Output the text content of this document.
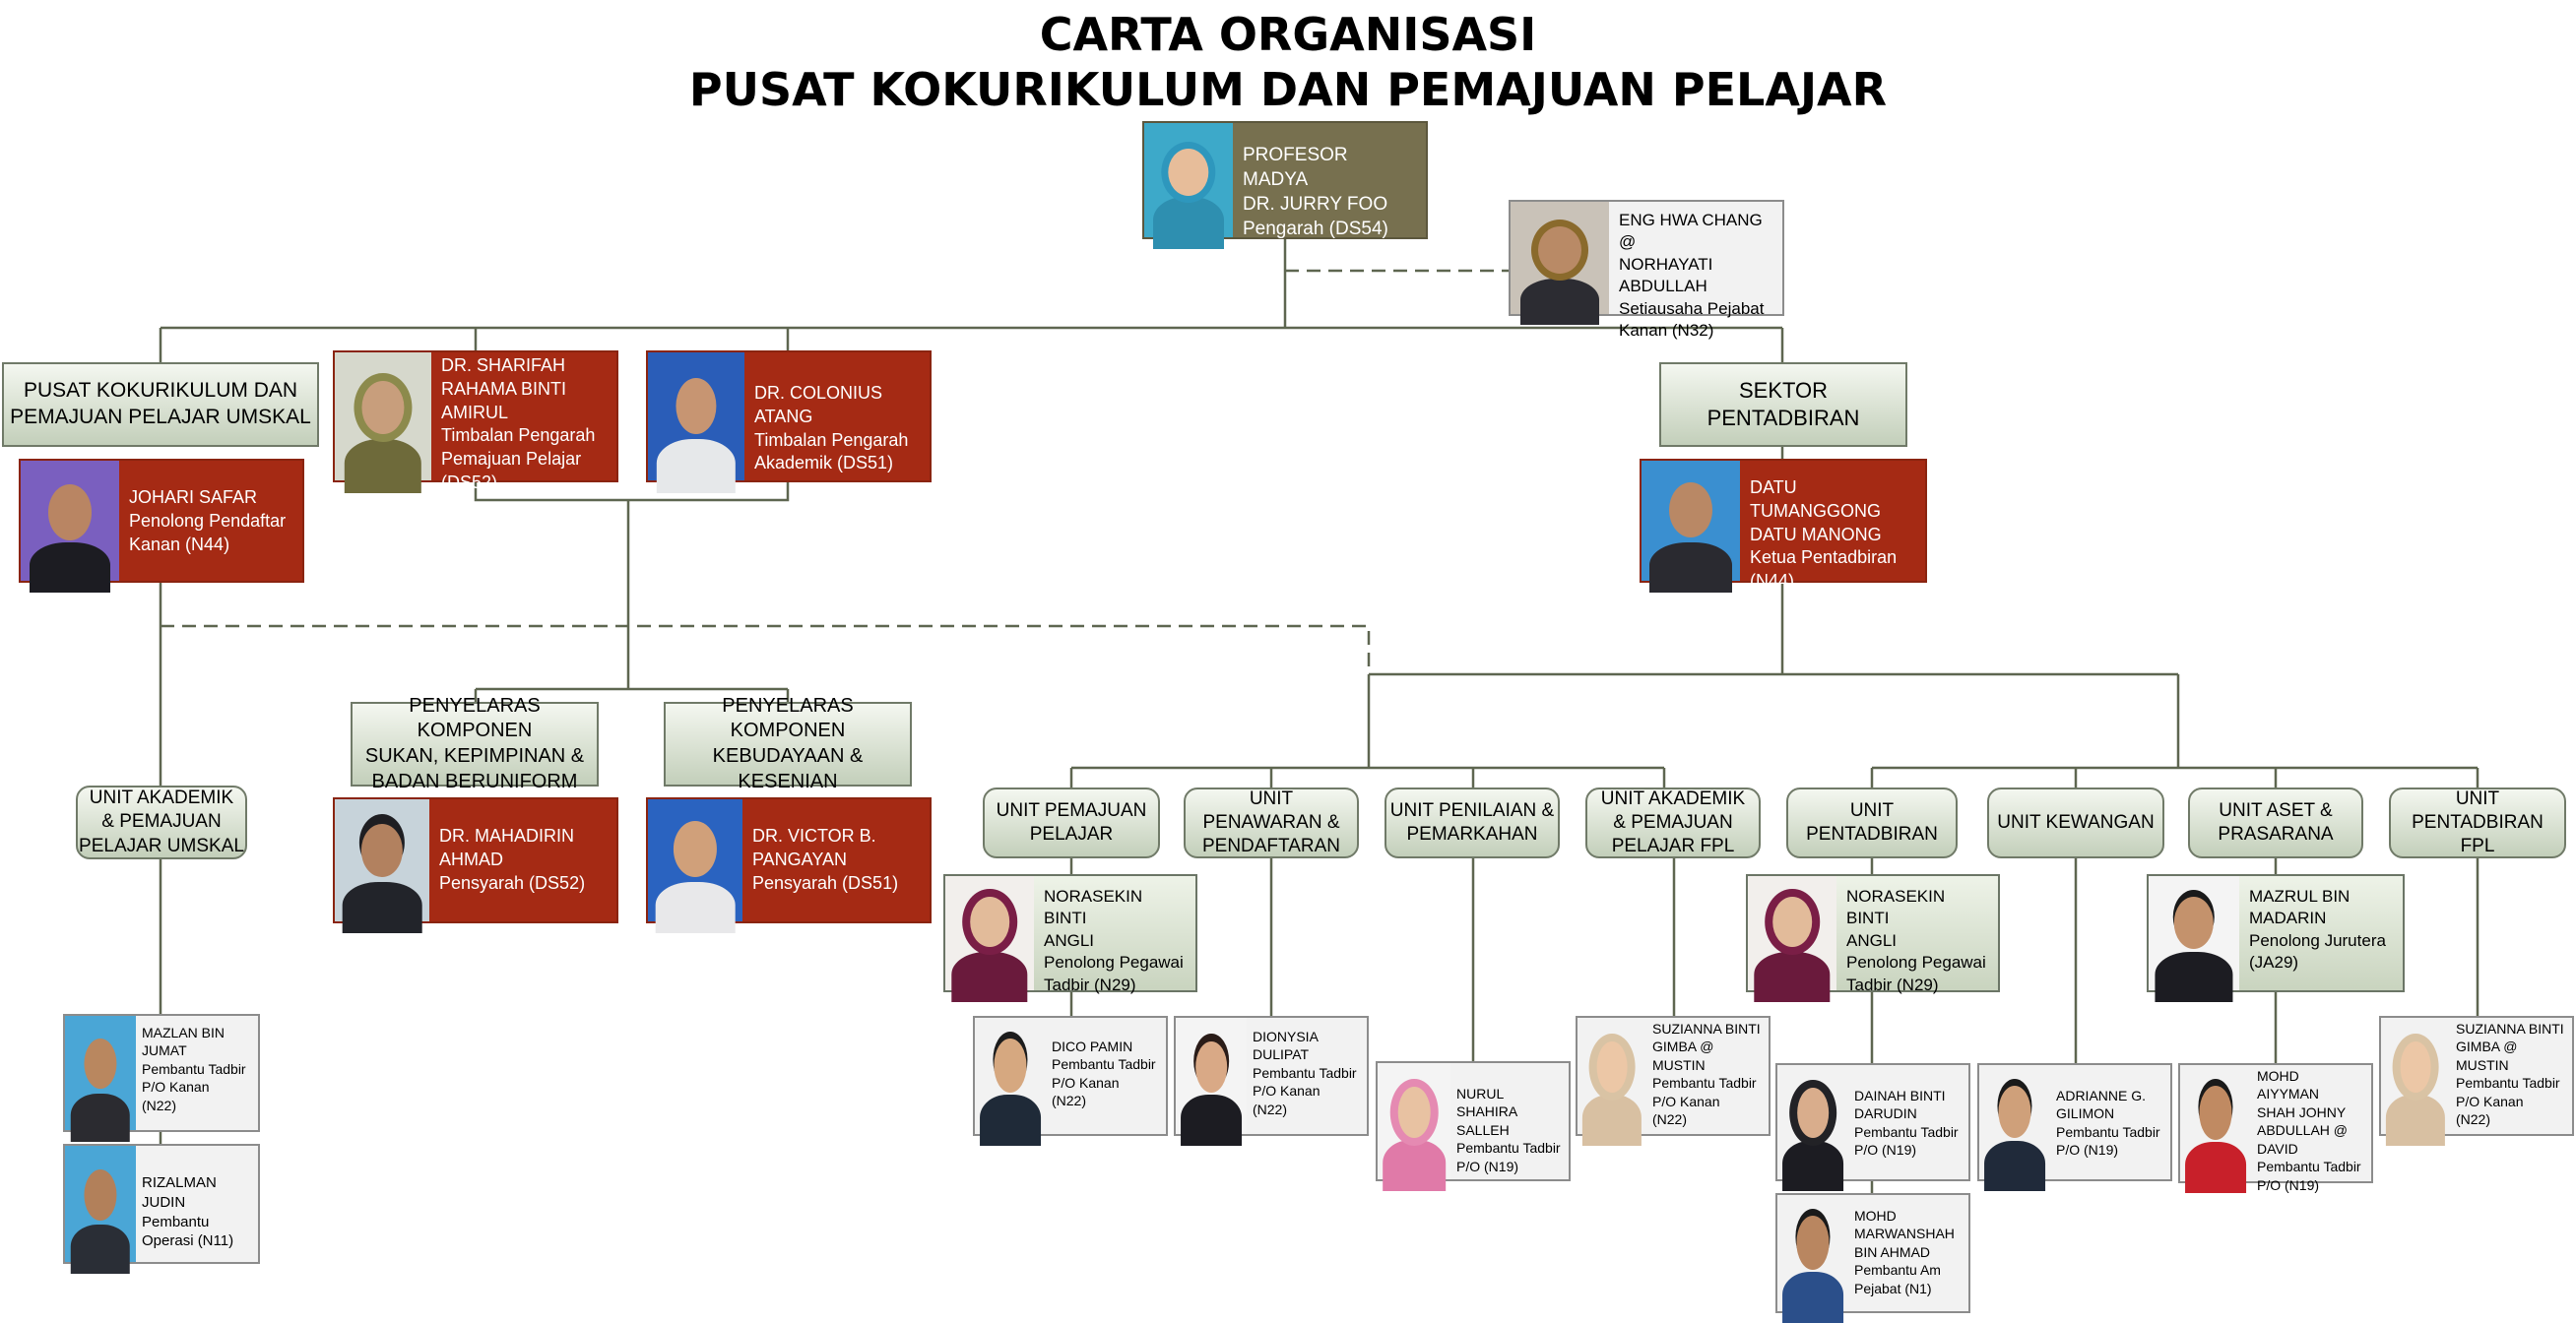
CARTA ORGANISASI
PUSAT KOKURIKULUM DAN PEMAJUAN PELAJAR
PROFESOR MADYA
DR. JURRY FOO
Pengarah (DS54)	ENG HWA CHANG @
NORHAYATI
ABDULLAH
Setiausaha Pejabat
Kanan (N32)
DR. SHARIFAH
RAHAMA BINTI
AMIRUL
Timbalan Pengarah
Pemajuan Pelajar
(DS52)
DR. COLONIUS ATANG
Timbalan Pengarah
Akademik (DS51)
PUSAT KOKURIKULUM DAN
PEMAJUAN PELAJAR UMSKAL
JOHARI SAFAR
Penolong Pendaftar
Kanan (N44)
SEKTOR PENTADBIRAN
DATU TUMANGGONG
DATU MANONG
Ketua Pentadbiran
(N44)
PENYELARAS KOMPONEN
SUKAN, KEPIMPINAN &
BADAN BERUNIFORM
PENYELARAS KOMPONEN
KEBUDAYAAN &
KESENIAN
DR. MAHADIRIN
AHMAD
Pensyarah (DS52)
DR. VICTOR B.
PANGAYAN
Pensyarah (DS51)
UNIT AKADEMIK
& PEMAJUAN
PELAJAR UMSKAL
MAZLAN BIN
JUMAT
Pembantu Tadbir
P/O Kanan
(N22)
RIZALMAN JUDIN
Pembantu
Operasi (N11)
UNIT PEMAJUAN
PELAJAR
UNIT
PENAWARAN &
PENDAFTARAN
UNIT PENILAIAN &
PEMARKAHAN
UNIT AKADEMIK
& PEMAJUAN
PELAJAR FPL
UNIT
PENTADBIRAN
UNIT KEWANGAN
UNIT ASET &
PRASARANA
UNIT
PENTADBIRAN
FPL
NORASEKIN BINTI
ANGLI
Penolong Pegawai
Tadbir (N29)
DICO PAMIN
Pembantu Tadbir
P/O Kanan
(N22)
DIONYSIA
DULIPAT
Pembantu Tadbir
P/O Kanan
(N22)
NURUL SHAHIRA
SALLEH
Pembantu Tadbir
P/O (N19)
SUZIANNA BINTI
GIMBA @
MUSTIN
Pembantu Tadbir
P/O Kanan
(N22)
NORASEKIN BINTI
ANGLI
Penolong Pegawai
Tadbir (N29)
DAINAH BINTI
DARUDIN
Pembantu Tadbir
P/O (N19)
MOHD
MARWANSHAH
BIN AHMAD
Pembantu Am
Pejabat (N1)
ADRIANNE G.
GILIMON
Pembantu Tadbir
P/O (N19)
MAZRUL BIN
MADARIN
Penolong Jurutera
(JA29)
MOHD AIYYMAN
SHAH JOHNY
ABDULLAH @
DAVID
Pembantu Tadbir
P/O (N19)
SUZIANNA BINTI
GIMBA @
MUSTIN
Pembantu Tadbir
P/O Kanan
(N22)
